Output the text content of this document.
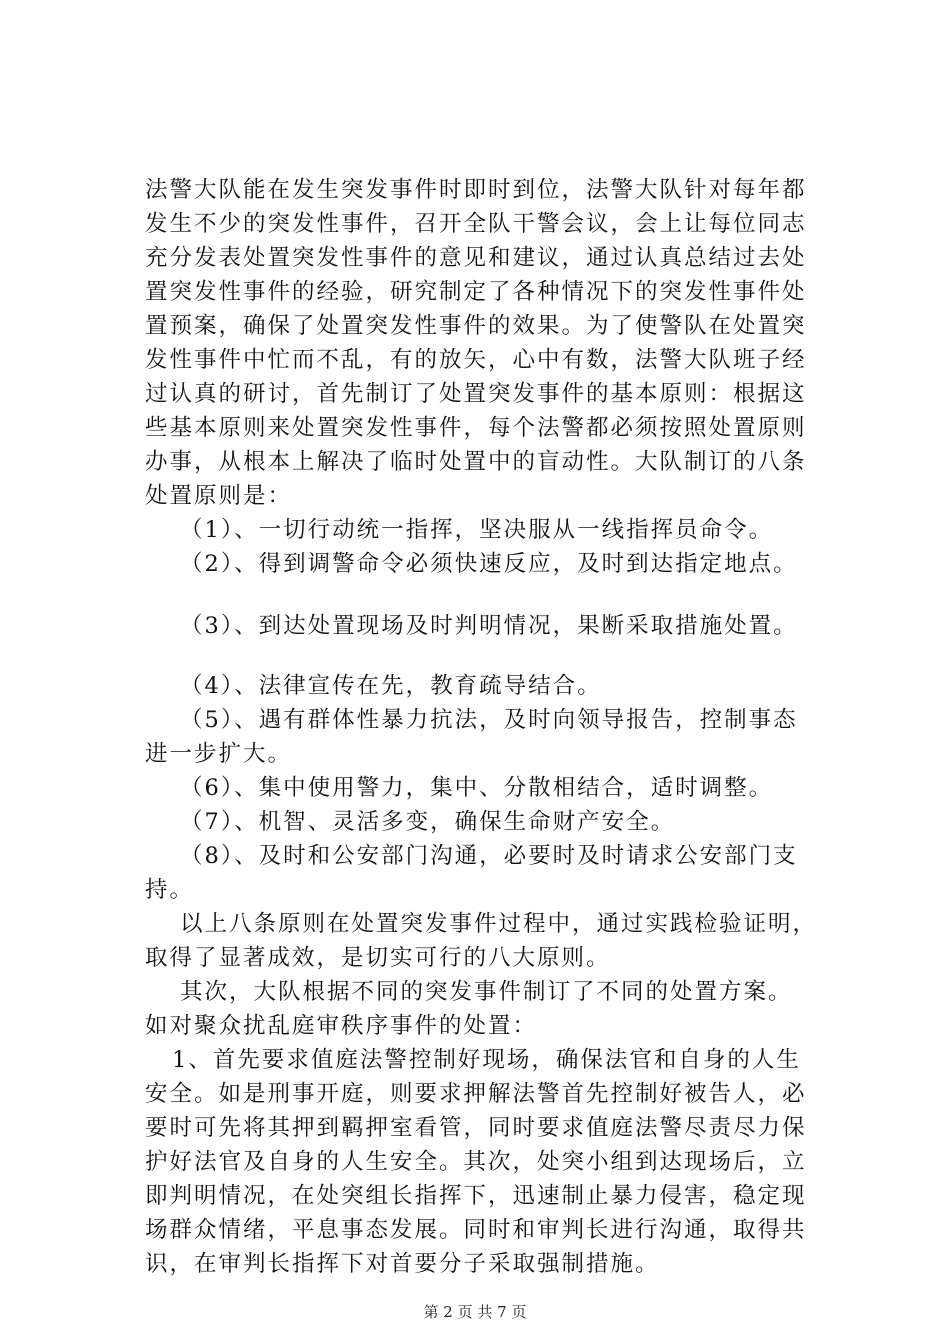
法警大队能在发生突发事件时即时到位，法警大队针对每年都
发生不少的突发性事件，召开全队干警会议，会上让每位同志
充分发表处置突发性事件的意见和建议，通过认真总结过去处
置突发性事件的经验，研究制定了各种情况下的突发性事件处
置预案，确保了处置突发性事件的效果。为了使警队在处置突
发性事件中忙而不乱，有的放矢，心中有数，法警大队班子经
过认真的研讨，首先制订了处置突发事件的基本原则：根据这
些基本原则来处置突发性事件，每个法警都必须按照处置原则
办事，从根本上解决了临时处置中的盲动性。大队制订的八条
处置原则是：
（1）、一切行动统一指挥，坚决服从一线指挥员命令。
（2）、得到调警命令必须快速反应，及时到达指定地点。
（3）、到达处置现场及时判明情况，果断采取措施处置。
（4）、法律宣传在先，教育疏导结合。
（5）、遇有群体性暴力抗法，及时向领导报告，控制事态
进一步扩大。
（6）、集中使用警力，集中、分散相结合，适时调整。
（7）、机智、灵活多变，确保生命财产安全。
（8）、及时和公安部门沟通，必要时及时请求公安部门支
持。
以上八条原则在处置突发事件过程中，通过实践检验证明，
取得了显著成效，是切实可行的八大原则。
其次，大队根据不同的突发事件制订了不同的处置方案。
如对聚众扰乱庭审秩序事件的处置：
1、首先要求值庭法警控制好现场，确保法官和自身的人生
安全。如是刑事开庭，则要求押解法警首先控制好被告人，必
要时可先将其押到羁押室看管，同时要求值庭法警尽责尽力保
护好法官及自身的人生安全。其次，处突小组到达现场后，立
即判明情况，在处突组长指挥下，迅速制止暴力侵害，稳定现
场群众情绪，平息事态发展。同时和审判长进行沟通，取得共
识，在审判长指挥下对首要分子采取强制措施。
第 2 页 共 7 页
